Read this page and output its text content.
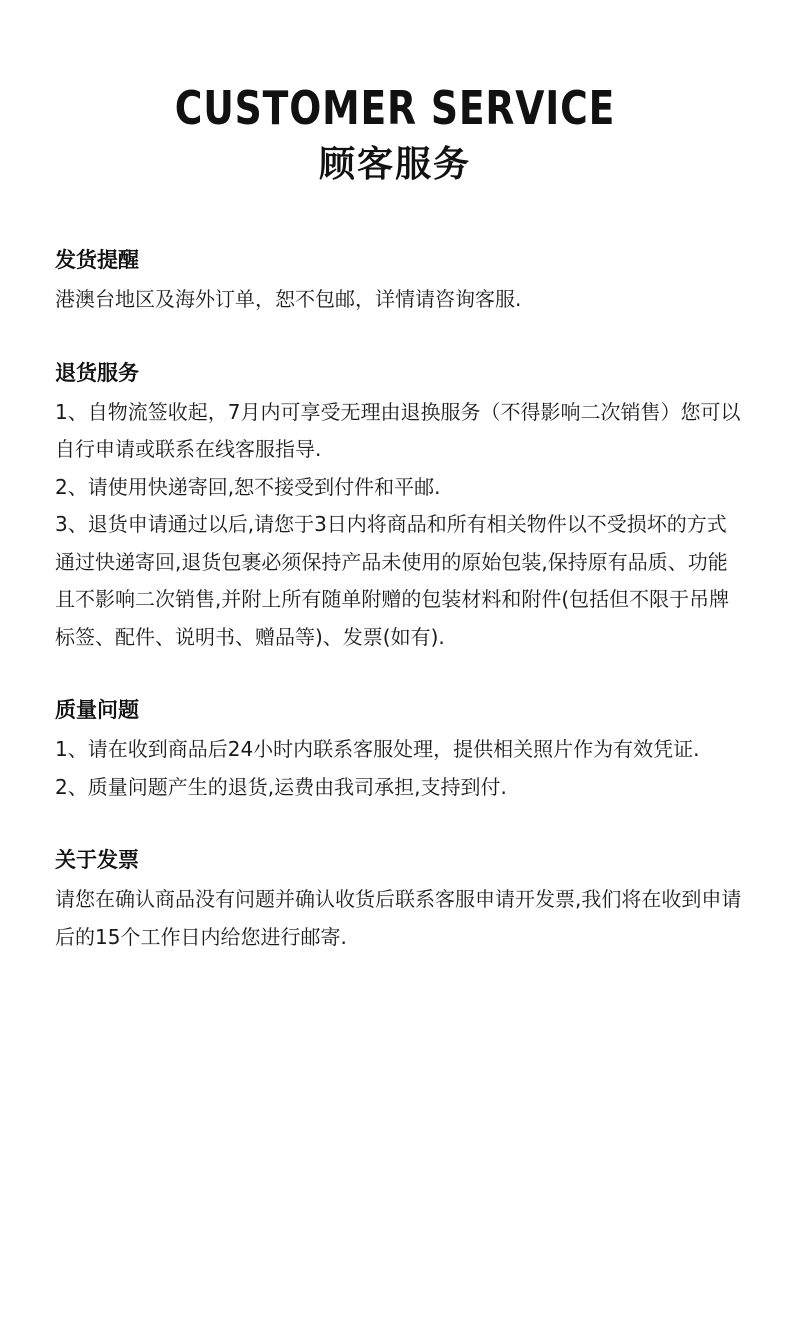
CUSTOMER SERVICE
顾客服务
发货提醒

港澳台地区及海外订单，恕不包邮，详情请咨询客服.

退货服务

1、自物流签收起，7月内可享受无理由退换服务（不得影响二次销售）您可以自行申请或联系在线客服指导.

2、请使用快递寄回,恕不接受到付件和平邮.

3、退货申请通过以后,请您于3日内将商品和所有相关物件以不受损坏的方式通过快递寄回,退货包裹必须保持产品未使用的原始包装,保持原有品质、功能且不影响二次销售,并附上所有随单附赠的包装材料和附件(包括但不限于吊牌标签、配件、说明书、赠品等)、发票(如有).

质量问题

1、请在收到商品后24小时内联系客服处理，提供相关照片作为有效凭证.

2、质量问题产生的退货,运费由我司承担,支持到付.

关于发票

请您在确认商品没有问题并确认收货后联系客服申请开发票,我们将在收到申请后的15个工作日内给您进行邮寄.
